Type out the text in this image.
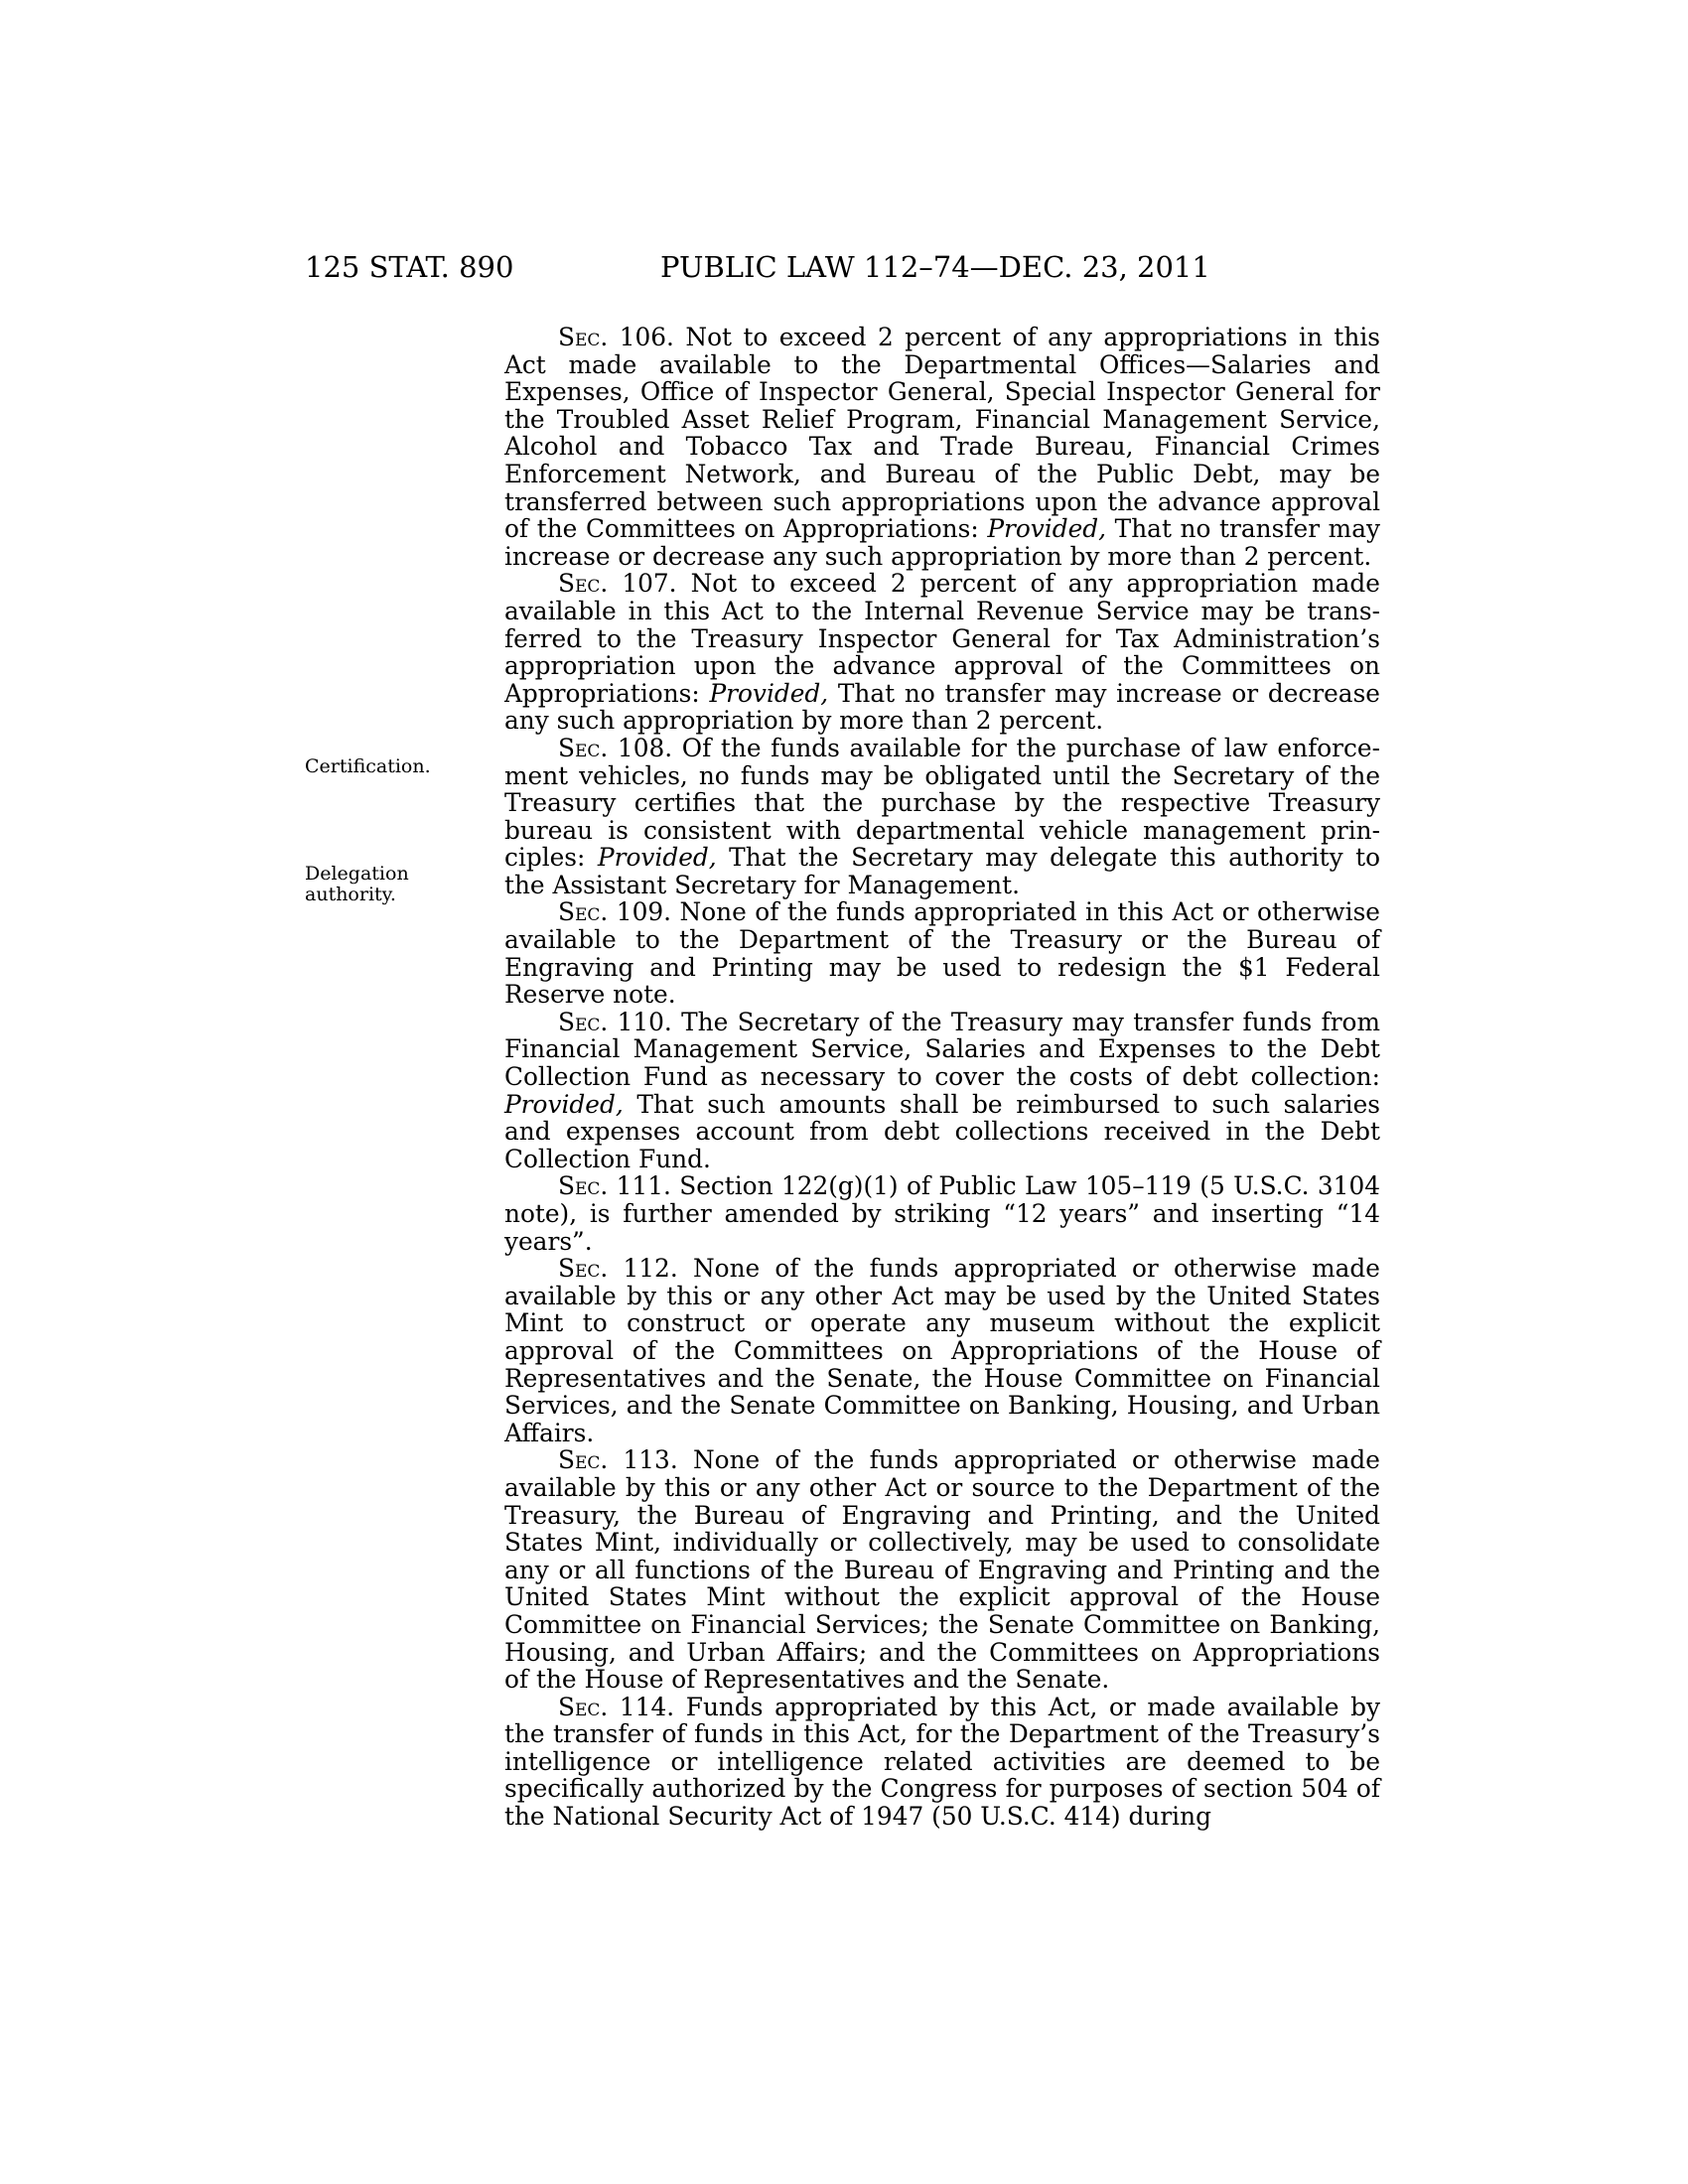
125 STAT. 890	PUBLIC LAW 112–74—DEC. 23, 2011
Certification.
Delegation authority.

Sec. 106. Not to exceed 2 percent of any appropriations in this Act made available to the Departmental Offices—Salaries and Expenses, Office of Inspector General, Special Inspector General for the Troubled Asset Relief Program, Financial Management Service, Alcohol and Tobacco Tax and Trade Bureau, Financial Crimes Enforcement Network, and Bureau of the Public Debt, may be transferred between such appropriations upon the advance approval of the Committees on Appropriations: Provided, That no transfer may increase or decrease any such appropriation by more than 2 percent.

Sec. 107. Not to exceed 2 percent of any appropriation made available in this Act to the Internal Revenue Service may be transferred to the Treasury Inspector General for Tax Administration’s appropriation upon the advance approval of the Committees on Appropriations: Provided, That no transfer may increase or decrease any such appropriation by more than 2 percent.

Sec. 108. Of the funds available for the purchase of law enforcement vehicles, no funds may be obligated until the Secretary of the Treasury certifies that the purchase by the respective Treasury bureau is consistent with departmental vehicle management principles: Provided, That the Secretary may delegate this authority to the Assistant Secretary for Management.

Sec. 109. None of the funds appropriated in this Act or otherwise available to the Department of the Treasury or the Bureau of Engraving and Printing may be used to redesign the $1 Federal Reserve note.

Sec. 110. The Secretary of the Treasury may transfer funds from Financial Management Service, Salaries and Expenses to the Debt Collection Fund as necessary to cover the costs of debt collection: Provided, That such amounts shall be reimbursed to such salaries and expenses account from debt collections received in the Debt Collection Fund.

Sec. 111. Section 122(g)(1) of Public Law 105–119 (5 U.S.C. 3104 note), is further amended by striking “12 years” and inserting “14 years”.

Sec. 112. None of the funds appropriated or otherwise made available by this or any other Act may be used by the United States Mint to construct or operate any museum without the explicit approval of the Committees on Appropriations of the House of Representatives and the Senate, the House Committee on Financial Services, and the Senate Committee on Banking, Housing, and Urban Affairs.

Sec. 113. None of the funds appropriated or otherwise made available by this or any other Act or source to the Department of the Treasury, the Bureau of Engraving and Printing, and the United States Mint, individually or collectively, may be used to consolidate any or all functions of the Bureau of Engraving and Printing and the United States Mint without the explicit approval of the House Committee on Financial Services; the Senate Committee on Banking, Housing, and Urban Affairs; and the Committees on Appropriations of the House of Representatives and the Senate.

Sec. 114. Funds appropriated by this Act, or made available by the transfer of funds in this Act, for the Department of the Treasury’s intelligence or intelligence related activities are deemed to be specifically authorized by the Congress for purposes of section 504 of the National Security Act of 1947 (50 U.S.C. 414) during
